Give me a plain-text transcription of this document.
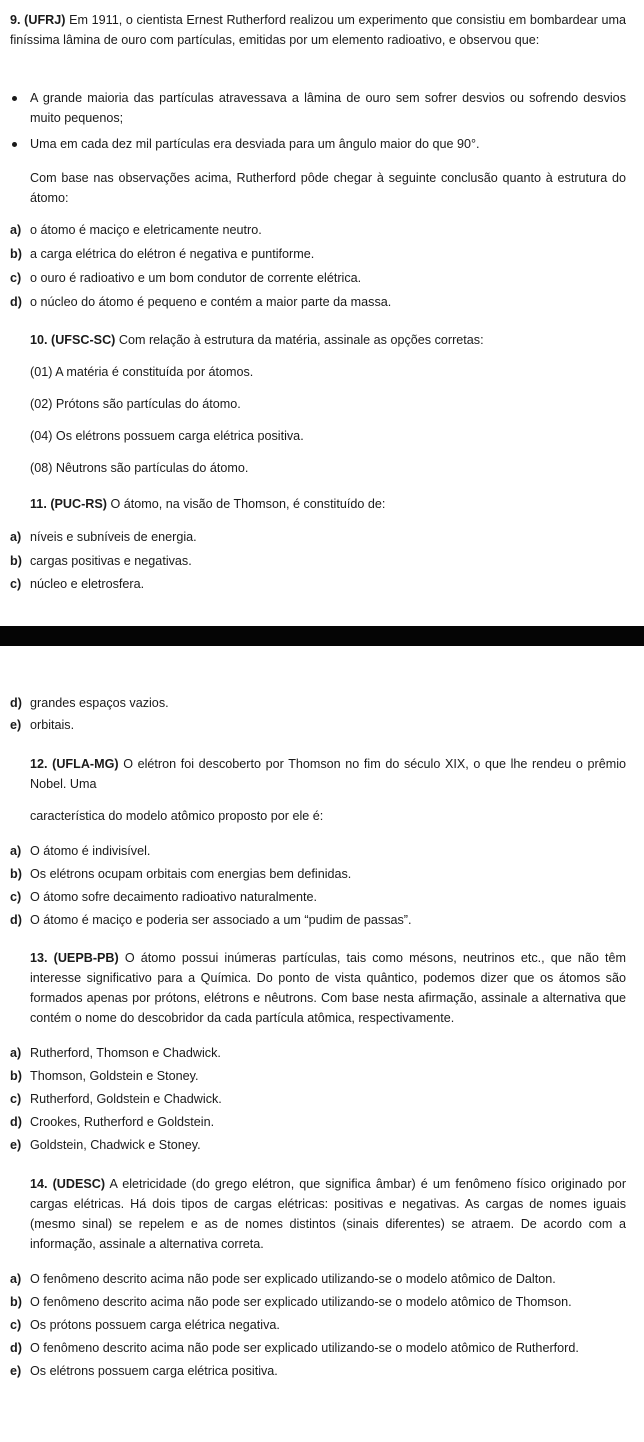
9. (UFRJ) Em 1911, o cientista Ernest Rutherford realizou um experimento que consistiu em bombardear uma finíssima lâmina de ouro com partículas, emitidas por um elemento radioativo, e observou que:

A grande maioria das partículas atravessava a lâmina de ouro sem sofrer desvios ou sofrendo desvios muito pequenos;
Uma em cada dez mil partículas era desviada para um ângulo maior do que 90°.

Com base nas observações acima, Rutherford pôde chegar à seguinte conclusão quanto à estrutura do átomo:

a) o átomo é maciço e eletricamente neutro.
b) a carga elétrica do elétron é negativa e puntiforme.
c) o ouro é radioativo e um bom condutor de corrente elétrica.
d) o núcleo do átomo é pequeno e contém a maior parte da massa.

10. (UFSC-SC) Com relação à estrutura da matéria, assinale as opções corretas:

(01) A matéria é constituída por átomos.
(02) Prótons são partículas do átomo.
(04) Os elétrons possuem carga elétrica positiva.
(08) Nêutrons são partículas do átomo.

11. (PUC-RS) O átomo, na visão de Thomson, é constituído de:

a) níveis e subníveis de energia.
b) cargas positivas e negativas.
c) núcleo e eletrosfera.
d) grandes espaços vazios.
e) orbitais.

12. (UFLA-MG) O elétron foi descoberto por Thomson no fim do século XIX, o que lhe rendeu o prêmio Nobel. Uma

característica do modelo atômico proposto por ele é:

a) O átomo é indivisível.
b) Os elétrons ocupam orbitais com energias bem definidas.
c) O átomo sofre decaimento radioativo naturalmente.
d) O átomo é maciço e poderia ser associado a um “pudim de passas”.

13. (UEPB-PB) O átomo possui inúmeras partículas, tais como mésons, neutrinos etc., que não têm interesse significativo para a Química. Do ponto de vista quântico, podemos dizer que os átomos são formados apenas por prótons, elétrons e nêutrons. Com base nesta afirmação, assinale a alternativa que contém o nome do descobridor da cada partícula atômica, respectivamente.

a) Rutherford, Thomson e Chadwick.
b) Thomson, Goldstein e Stoney.
c) Rutherford, Goldstein e Chadwick.
d) Crookes, Rutherford e Goldstein.
e) Goldstein, Chadwick e Stoney.

14. (UDESC) A eletricidade (do grego elétron, que significa âmbar) é um fenômeno físico originado por cargas elétricas. Há dois tipos de cargas elétricas: positivas e negativas. As cargas de nomes iguais (mesmo sinal) se repelem e as de nomes distintos (sinais diferentes) se atraem. De acordo com a informação, assinale a alternativa correta.

a) O fenômeno descrito acima não pode ser explicado utilizando-se o modelo atômico de Dalton.
b) O fenômeno descrito acima não pode ser explicado utilizando-se o modelo atômico de Thomson.
c) Os prótons possuem carga elétrica negativa.
d) O fenômeno descrito acima não pode ser explicado utilizando-se o modelo atômico de Rutherford.
e) Os elétrons possuem carga elétrica positiva.
